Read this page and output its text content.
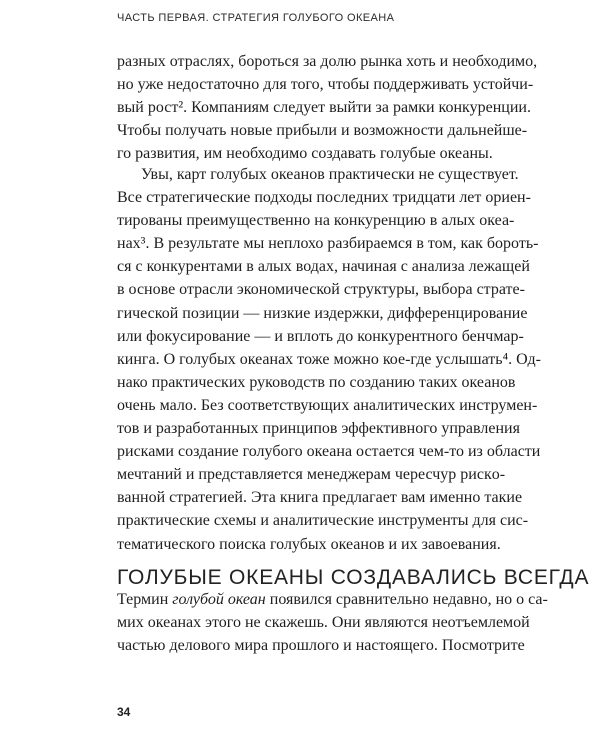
ЧАСТЬ ПЕРВАЯ. СТРАТЕГИЯ ГОЛУБОГО ОКЕАНА
разных отраслях, бороться за долю рынка хоть и необходимо,
но уже недостаточно для того, чтобы поддерживать устойчи-
вый рост². Компаниям следует выйти за рамки конкуренции.
Чтобы получать новые прибыли и возможности дальнейше-
го развития, им необходимо создавать голубые океаны.
Увы, карт голубых океанов практически не существует.
Все стратегические подходы последних тридцати лет ориен-
тированы преимущественно на конкуренцию в алых океа-
нах³. В результате мы неплохо разбираемся в том, как бороть-
ся с конкурентами в алых водах, начиная с анализа лежащей
в основе отрасли экономической структуры, выбора страте-
гической позиции — низкие издержки, дифференцирование
или фокусирование — и вплоть до конкурентного бенчмар-
кинга. О голубых океанах тоже можно кое-где услышать⁴. Од-
нако практических руководств по созданию таких океанов
очень мало. Без соответствующих аналитических инструмен-
тов и разработанных принципов эффективного управления
рисками создание голубого океана остается чем-то из области
мечтаний и представляется менеджерам чересчур рискo-
ванной стратегией. Эта книга предлагает вам именно такие
практические схемы и аналитические инструменты для сис-
тематического поиска голубых океанов и их завоевания.
ГОЛУБЫЕ ОКЕАНЫ СОЗДАВАЛИСЬ ВСЕГДА
Термин голубой океан появился сравнительно недавно, но о са-
мих океанах этого не скажешь. Они являются неотъемлемой
частью делового мира прошлого и настоящего. Посмотрите
34
